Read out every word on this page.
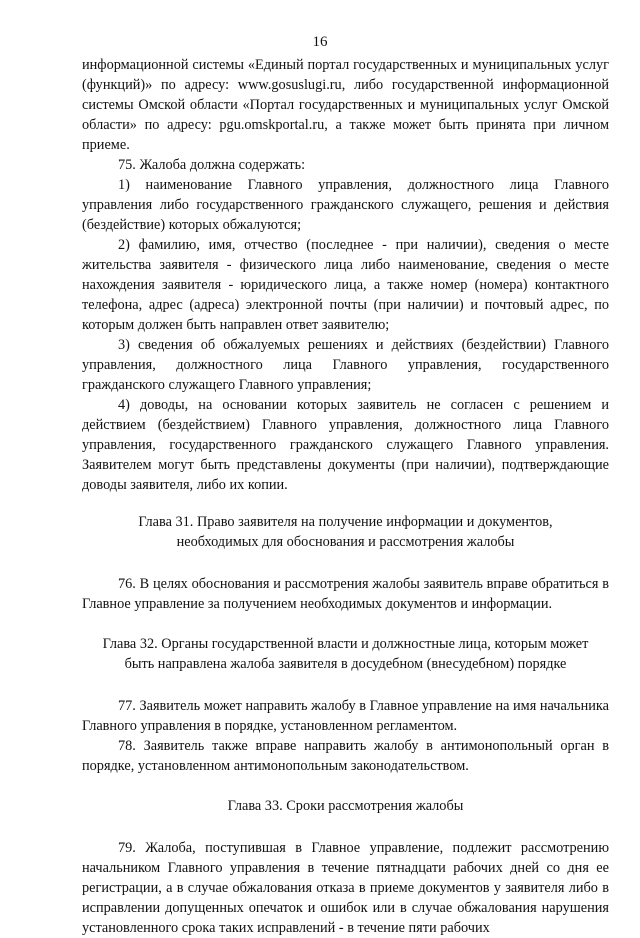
16

информационной системы «Единый портал государственных и муниципальных услуг (функций)» по адресу: www.gosuslugi.ru, либо государственной информационной системы Омской области «Портал государственных и муниципальных услуг Омской области» по адресу: pgu.omskportal.ru, а также может быть принята при личном приеме.

75. Жалоба должна содержать:

1) наименование Главного управления, должностного лица Главного управления либо государственного гражданского служащего, решения и действия (бездействие) которых обжалуются;

2) фамилию, имя, отчество (последнее - при наличии), сведения о месте жительства заявителя - физического лица либо наименование, сведения о месте нахождения заявителя - юридического лица, а также номер (номера) контактного телефона, адрес (адреса) электронной почты (при наличии) и почтовый адрес, по которым должен быть направлен ответ заявителю;

3) сведения об обжалуемых решениях и действиях (бездействии) Главного управления, должностного лица Главного управления, государственного гражданского служащего Главного управления;

4) доводы, на основании которых заявитель не согласен с решением и действием (бездействием) Главного управления, должностного лица Главного управления, государственного гражданского служащего Главного управления. Заявителем могут быть представлены документы (при наличии), подтверждающие доводы заявителя, либо их копии.

Глава 31. Право заявителя на получение информации и документов,

необходимых для обоснования и рассмотрения жалобы

76. В целях обоснования и рассмотрения жалобы заявитель вправе обратиться в Главное управление за получением необходимых документов и информации.

Глава 32. Органы государственной власти и должностные лица, которым может

быть направлена жалоба заявителя в досудебном (внесудебном) порядке

77. Заявитель может направить жалобу в Главное управление на имя начальника Главного управления в порядке, установленном регламентом.

78. Заявитель также вправе направить жалобу в антимонопольный орган в порядке, установленном антимонопольным законодательством.

Глава 33. Сроки рассмотрения жалобы

79. Жалоба, поступившая в Главное управление, подлежит рассмотрению начальником Главного управления в течение пятнадцати рабочих дней со дня ее регистрации, а в случае обжалования отказа в приеме документов у заявителя либо в исправлении допущенных опечаток и ошибок или в случае обжалования нарушения установленного срока таких исправлений - в течение пяти рабочих
